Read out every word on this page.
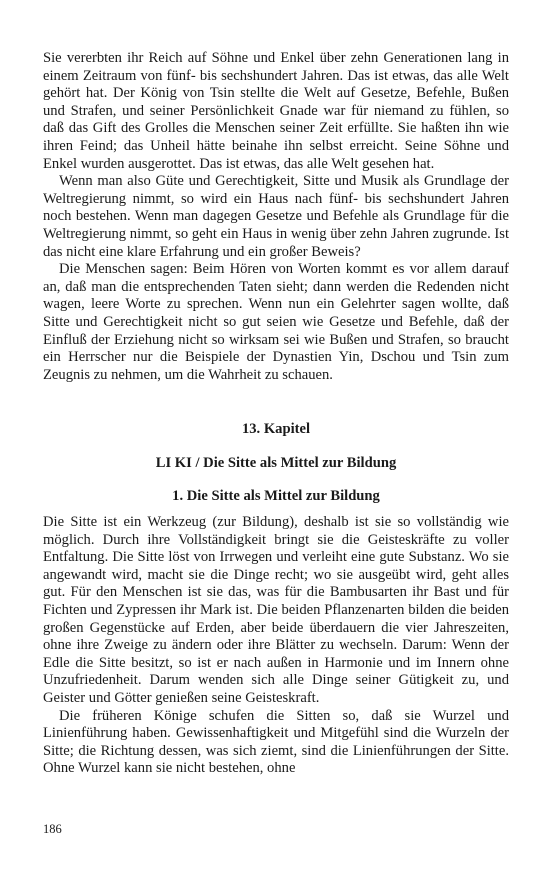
Sie vererbten ihr Reich auf Söhne und Enkel über zehn Generationen lang in einem Zeitraum von fünf- bis sechshundert Jahren. Das ist etwas, das alle Welt gehört hat. Der König von Tsin stellte die Welt auf Gesetze, Befehle, Bußen und Strafen, und seiner Persönlichkeit Gnade war für niemand zu fühlen, so daß das Gift des Grolles die Menschen seiner Zeit erfüllte. Sie haßten ihn wie ihren Feind; das Unheil hätte beinahe ihn selbst erreicht. Seine Söhne und Enkel wurden ausgerottet. Das ist etwas, das alle Welt gesehen hat.

Wenn man also Güte und Gerechtigkeit, Sitte und Musik als Grundlage der Weltregierung nimmt, so wird ein Haus nach fünf- bis sechshundert Jahren noch bestehen. Wenn man dagegen Gesetze und Befehle als Grundlage für die Weltregierung nimmt, so geht ein Haus in wenig über zehn Jahren zugrunde. Ist das nicht eine klare Erfahrung und ein großer Beweis?

Die Menschen sagen: Beim Hören von Worten kommt es vor allem darauf an, daß man die entsprechenden Taten sieht; dann werden die Redenden nicht wagen, leere Worte zu sprechen. Wenn nun ein Gelehrter sagen wollte, daß Sitte und Gerechtigkeit nicht so gut seien wie Gesetze und Befehle, daß der Einfluß der Erziehung nicht so wirksam sei wie Bußen und Strafen, so braucht ein Herrscher nur die Beispiele der Dynastien Yin, Dschou und Tsin zum Zeugnis zu nehmen, um die Wahrheit zu schauen.

13. Kapitel
LI KI / Die Sitte als Mittel zur Bildung
1. Die Sitte als Mittel zur Bildung

Die Sitte ist ein Werkzeug (zur Bildung), deshalb ist sie so vollständig wie möglich. Durch ihre Vollständigkeit bringt sie die Geisteskräfte zu voller Entfaltung. Die Sitte löst von Irrwegen und verleiht eine gute Substanz. Wo sie angewandt wird, macht sie die Dinge recht; wo sie ausgeübt wird, geht alles gut. Für den Menschen ist sie das, was für die Bambusarten ihr Bast und für Fichten und Zypressen ihr Mark ist. Die beiden Pflanzenarten bilden die beiden großen Gegenstücke auf Erden, aber beide überdauern die vier Jahreszeiten, ohne ihre Zweige zu ändern oder ihre Blätter zu wechseln. Darum: Wenn der Edle die Sitte besitzt, so ist er nach außen in Harmonie und im Innern ohne Unzufriedenheit. Darum wenden sich alle Dinge seiner Gütigkeit zu, und Geister und Götter genießen seine Geisteskraft.

Die früheren Könige schufen die Sitten so, daß sie Wurzel und Linienführung haben. Gewissenhaftigkeit und Mitgefühl sind die Wurzeln der Sitte; die Richtung dessen, was sich ziemt, sind die Linienführungen der Sitte. Ohne Wurzel kann sie nicht bestehen, ohne

186
